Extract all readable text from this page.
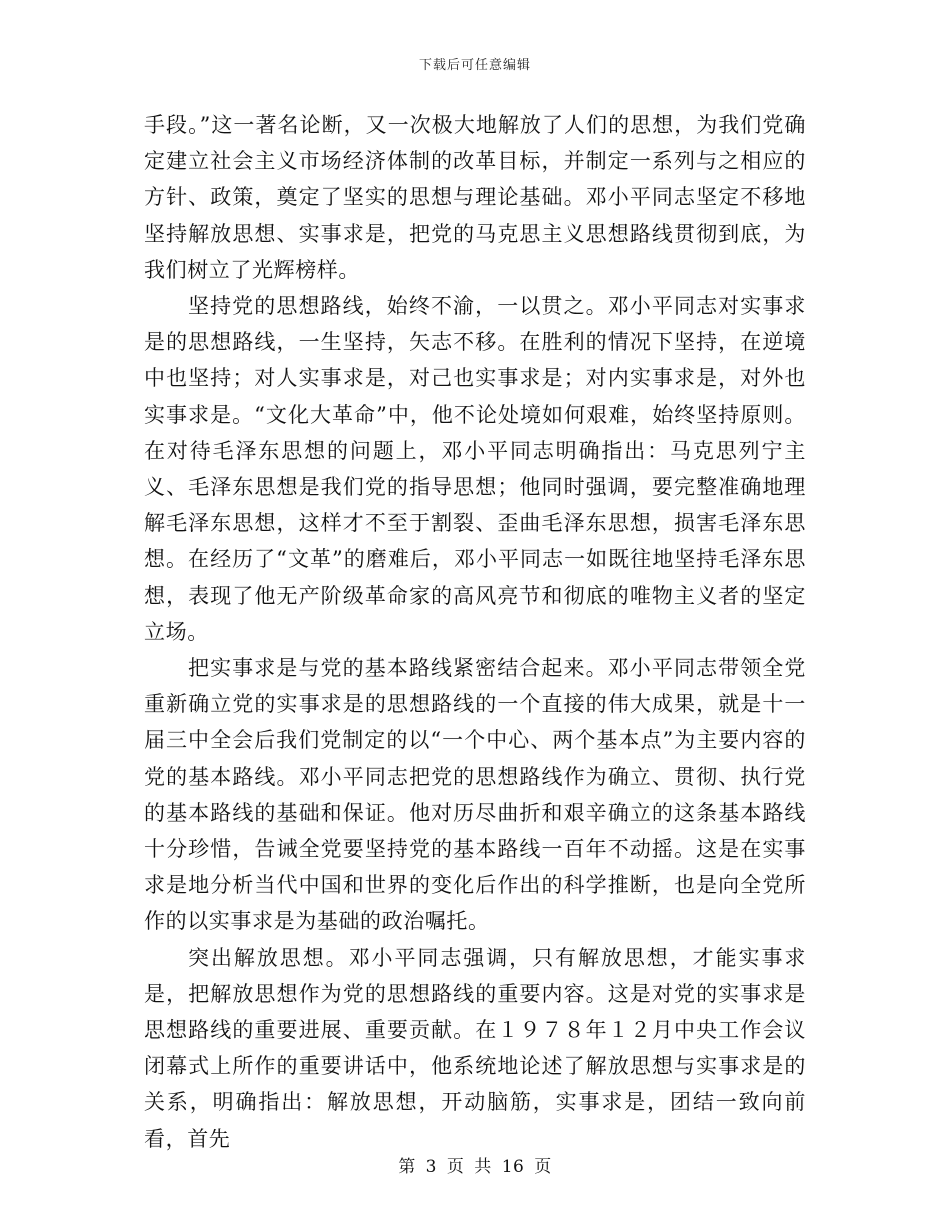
下载后可任意编辑

手段。”这一著名论断，又一次极大地解放了人们的思想，为我们党确定建立社会主义市场经济体制的改革目标，并制定一系列与之相应的方针、政策，奠定了坚实的思想与理论基础。邓小平同志坚定不移地坚持解放思想、实事求是，把党的马克思主义思想路线贯彻到底，为我们树立了光辉榜样。

坚持党的思想路线，始终不渝，一以贯之。邓小平同志对实事求是的思想路线，一生坚持，矢志不移。在胜利的情况下坚持，在逆境中也坚持；对人实事求是，对己也实事求是；对内实事求是，对外也实事求是。“文化大革命”中，他不论处境如何艰难，始终坚持原则。在对待毛泽东思想的问题上，邓小平同志明确指出：马克思列宁主义、毛泽东思想是我们党的指导思想；他同时强调，要完整准确地理解毛泽东思想，这样才不至于割裂、歪曲毛泽东思想，损害毛泽东思想。在经历了“文革”的磨难后，邓小平同志一如既往地坚持毛泽东思想，表现了他无产阶级革命家的高风亮节和彻底的唯物主义者的坚定立场。

把实事求是与党的基本路线紧密结合起来。邓小平同志带领全党重新确立党的实事求是的思想路线的一个直接的伟大成果，就是十一届三中全会后我们党制定的以“一个中心、两个基本点”为主要内容的党的基本路线。邓小平同志把党的思想路线作为确立、贯彻、执行党的基本路线的基础和保证。他对历尽曲折和艰辛确立的这条基本路线十分珍惜，告诫全党要坚持党的基本路线一百年不动摇。这是在实事求是地分析当代中国和世界的变化后作出的科学推断，也是向全党所作的以实事求是为基础的政治嘱托。

突出解放思想。邓小平同志强调，只有解放思想，才能实事求是，把解放思想作为党的思想路线的重要内容。这是对党的实事求是思想路线的重要进展、重要贡献。在１９７８年１２月中央工作会议闭幕式上所作的重要讲话中，他系统地论述了解放思想与实事求是的关系，明确指出：解放思想，开动脑筋，实事求是，团结一致向前看，首先

第 3 页 共 16 页
